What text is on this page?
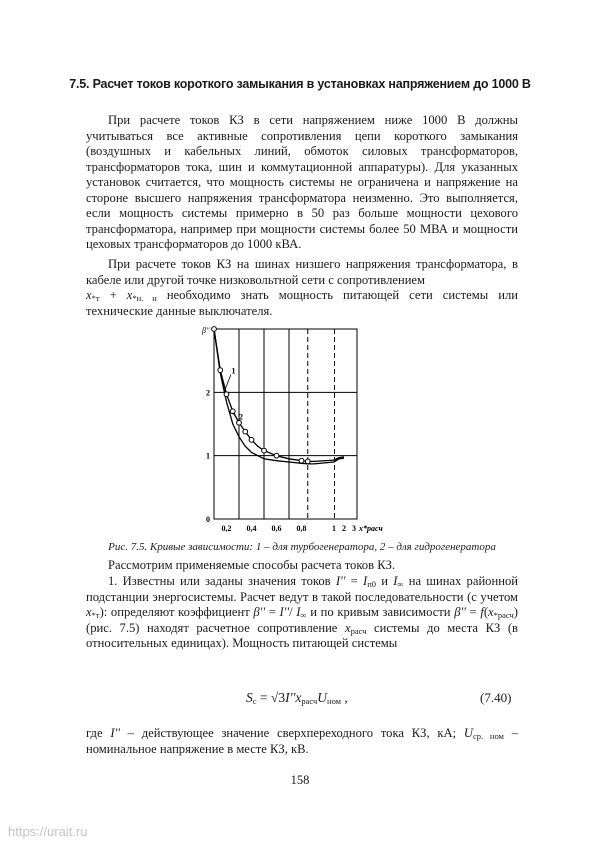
7.5. Расчет токов короткого замыкания в установках напряжением до 1000 В

При расчете токов КЗ в сети напряжением ниже 1000 В должны учитываться все активные сопротивления цепи короткого замыкания (воздушных и кабельных линий, обмоток силовых трансформаторов, трансформаторов тока, шин и коммутационной аппаратуры). Для указанных установок считается, что мощность системы не ограничена и напряжение на стороне высшего напряжения трансформатора неизменно. Это выполняется, если мощность системы примерно в 50 раз больше мощности цехового трансформатора, например при мощности системы более 50 МВА и мощности цеховых трансформаторов до 1000 кВА.

При расчете токов КЗ на шинах низшего напряжения трансформатора, в кабеле или другой точке низковольтной сети с сопротивлением
$x_{*т} + x_{*н. н}$ необходимо знать мощность питающей сети системы или технические данные выключателя.

0,2 0,4 0,6 0,8	1 2 3
0
1
2
β''
x*расч
1
2
Рис. 7.5. Кривые зависимости: 1 – для турбогенератора, 2 – для гидрогенератора

Рассмотрим применяемые способы расчета токов КЗ.

1. Известны или заданы значения токов $I'' = I_{п0}$ и $I_\infty$ на шинах районной подстанции энергосистемы. Расчет ведут в такой последовательности (с учетом $x_{*т}$): определяют коэффициент β'' = I''/ $I_\infty$ и по кривым зависимости $\beta'' = f(x_{*расч})$ (рис. 7.5) находят расчетное сопротивление $x_{расч}$ системы до места КЗ (в относительных единицах). Мощность питающей системы

$S_c = √3I''x_{расч}U_{ном}$ ,	(7.40)

где I'' – действующее значение сверхпереходного тока КЗ, кА; $U_{ср. ном}$ – номинальное напряжение в месте КЗ, кВ.

158
https://urait.ru
